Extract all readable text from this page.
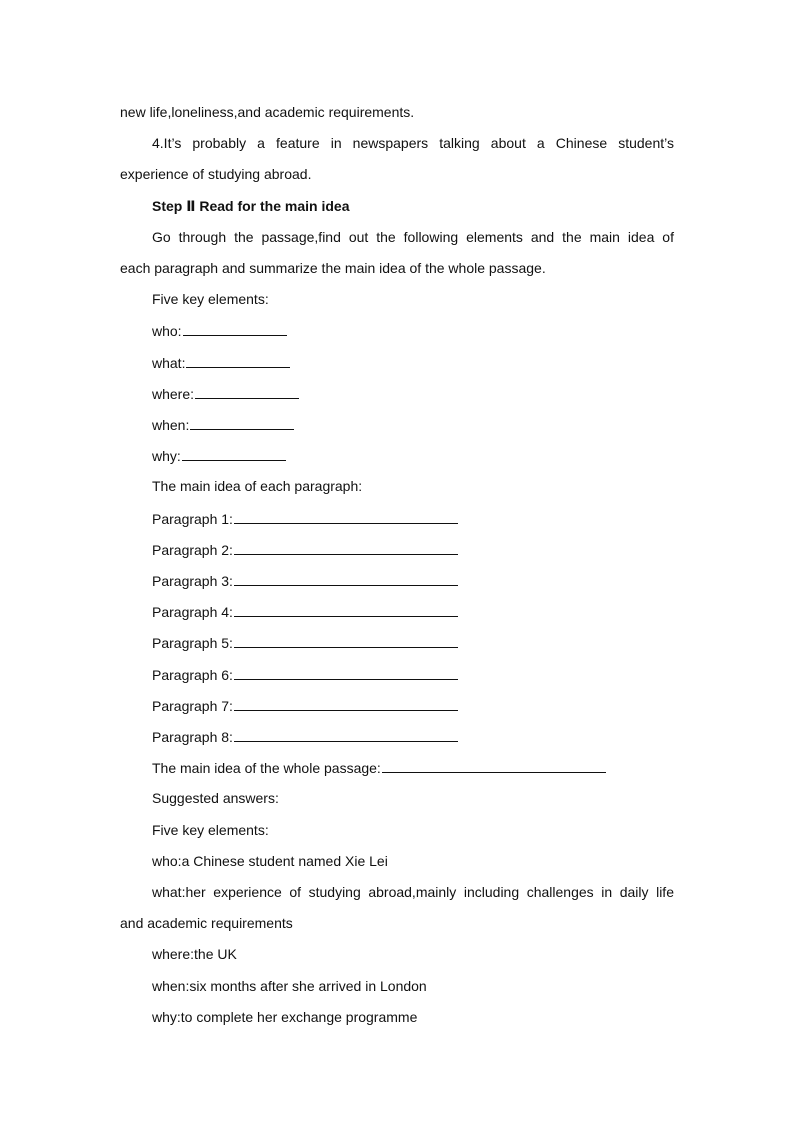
new life,loneliness,and academic requirements.
4.It’s probably a feature in newspapers talking about a Chinese student’s
experience of studying abroad.
Step Ⅱ Read for the main idea
Go through the passage,find out the following elements and the main idea of
each paragraph and summarize the main idea of the whole passage.
Five key elements:
who:
what:
where:
when:
why:
The main idea of each paragraph:
Paragraph 1:
Paragraph 2:
Paragraph 3:
Paragraph 4:
Paragraph 5:
Paragraph 6:
Paragraph 7:
Paragraph 8:
The main idea of the whole passage:
Suggested answers:
Five key elements:
who:a Chinese student named Xie Lei
what:her experience of studying abroad,mainly including challenges in daily life
and academic requirements
where:the UK
when:six months after she arrived in London
why:to complete her exchange programme
